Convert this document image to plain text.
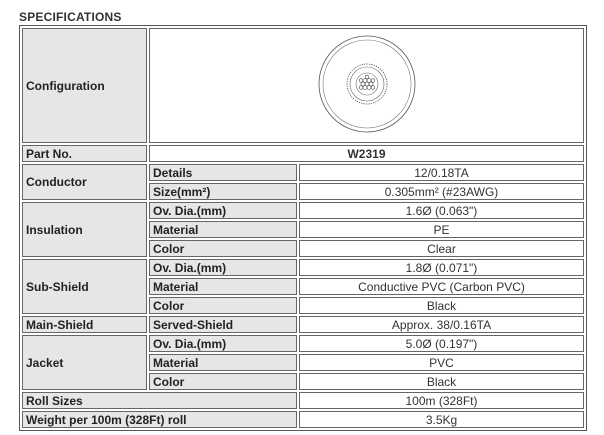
SPECIFICATIONS
Configuration	
Part No.	W2319	
Conductor	Details	12/0.18TA
	Size(mm²)	0.305mm² (#23AWG)
Insulation	Ov. Dia.(mm)	1.6Ø (0.063")
	Material	PE
	Color	Clear
Sub-Shield	Ov. Dia.(mm)	1.8Ø (0.071")
	Material	Conductive PVC (Carbon PVC)
	Color	Black
Main-Shield	Served-Shield	Approx. 38/0.16TA
Jacket	Ov. Dia.(mm)	5.0Ø (0.197")
	Material	PVC
	Color	Black
Roll Sizes		100m (328Ft)
Weight per 100m (328Ft) roll		3.5Kg
